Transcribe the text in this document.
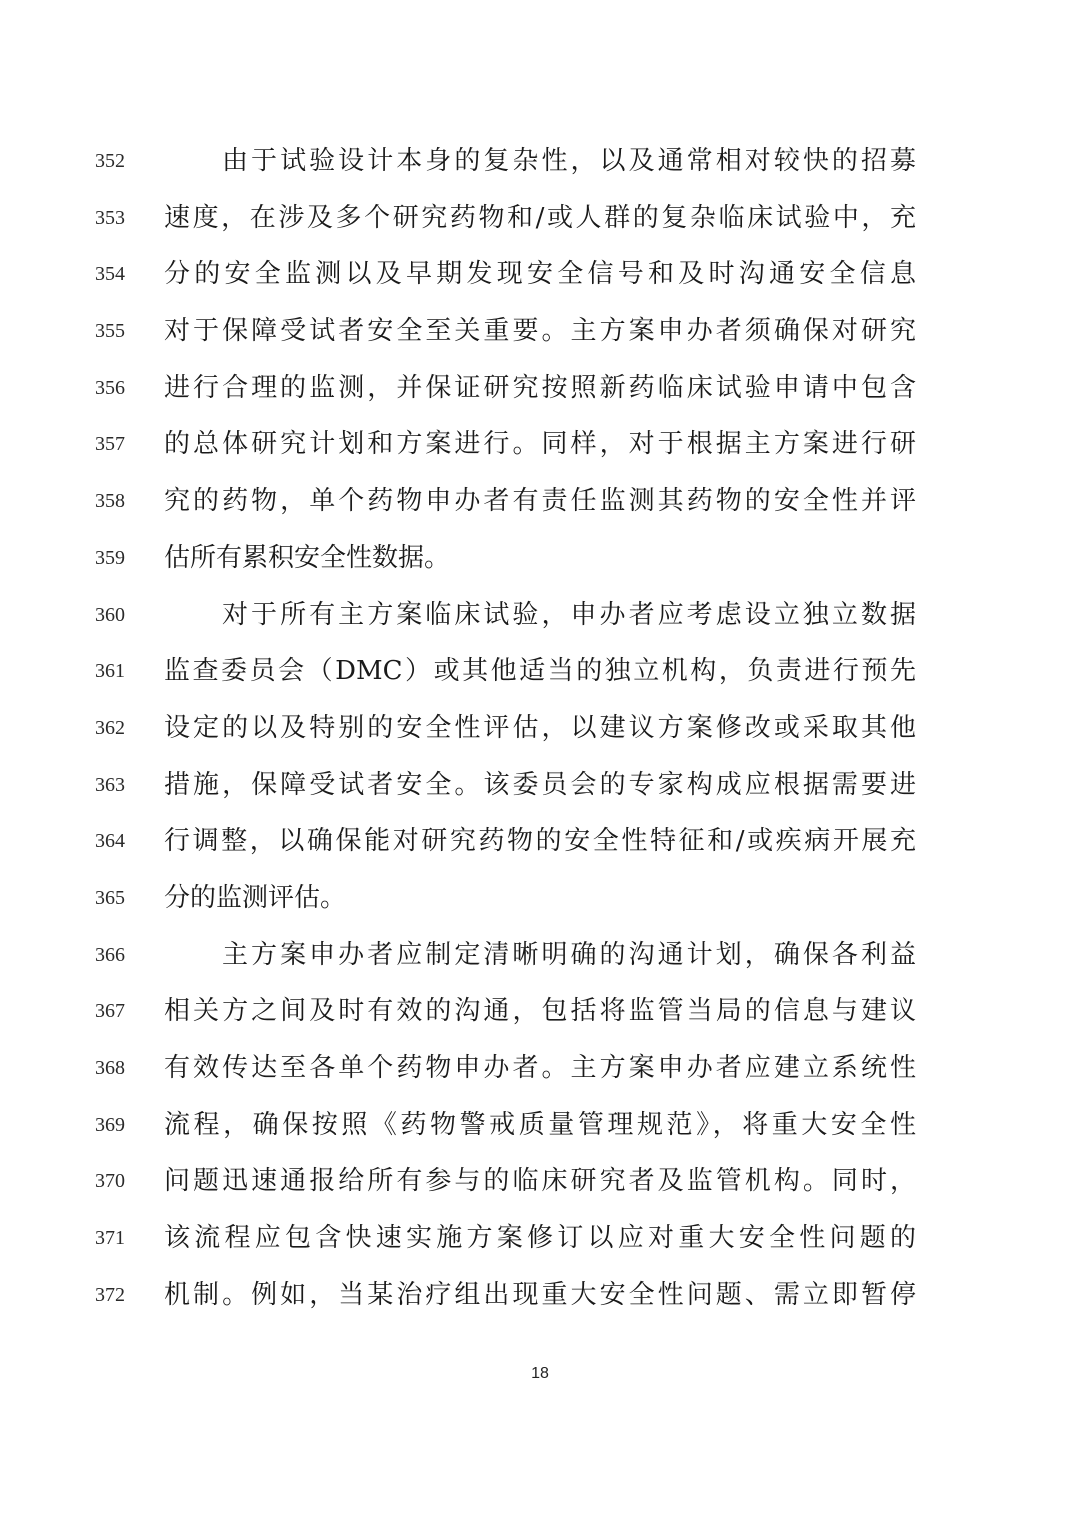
352	由于试验设计本身的复杂性，以及通常相对较快的招募
353	速度，在涉及多个研究药物和/或人群的复杂临床试验中，充
354	分的安全监测以及早期发现安全信号和及时沟通安全信息
355	对于保障受试者安全至关重要。主方案申办者须确保对研究
356	进行合理的监测，并保证研究按照新药临床试验申请中包含
357	的总体研究计划和方案进行。同样，对于根据主方案进行研
358	究的药物，单个药物申办者有责任监测其药物的安全性并评
359	估所有累积安全性数据。
360	对于所有主方案临床试验，申办者应考虑设立独立数据
361	监查委员会（DMC）或其他适当的独立机构，负责进行预先
362	设定的以及特别的安全性评估，以建议方案修改或采取其他
363	措施，保障受试者安全。该委员会的专家构成应根据需要进
364	行调整，以确保能对研究药物的安全性特征和/或疾病开展充
365	分的监测评估。
366	主方案申办者应制定清晰明确的沟通计划，确保各利益
367	相关方之间及时有效的沟通，包括将监管当局的信息与建议
368	有效传达至各单个药物申办者。主方案申办者应建立系统性
369	流程，确保按照《药物警戒质量管理规范》，将重大安全性
370	问题迅速通报给所有参与的临床研究者及监管机构。同时，
371	该流程应包含快速实施方案修订以应对重大安全性问题的
372	机制。例如，当某治疗组出现重大安全性问题、需立即暂停
18
